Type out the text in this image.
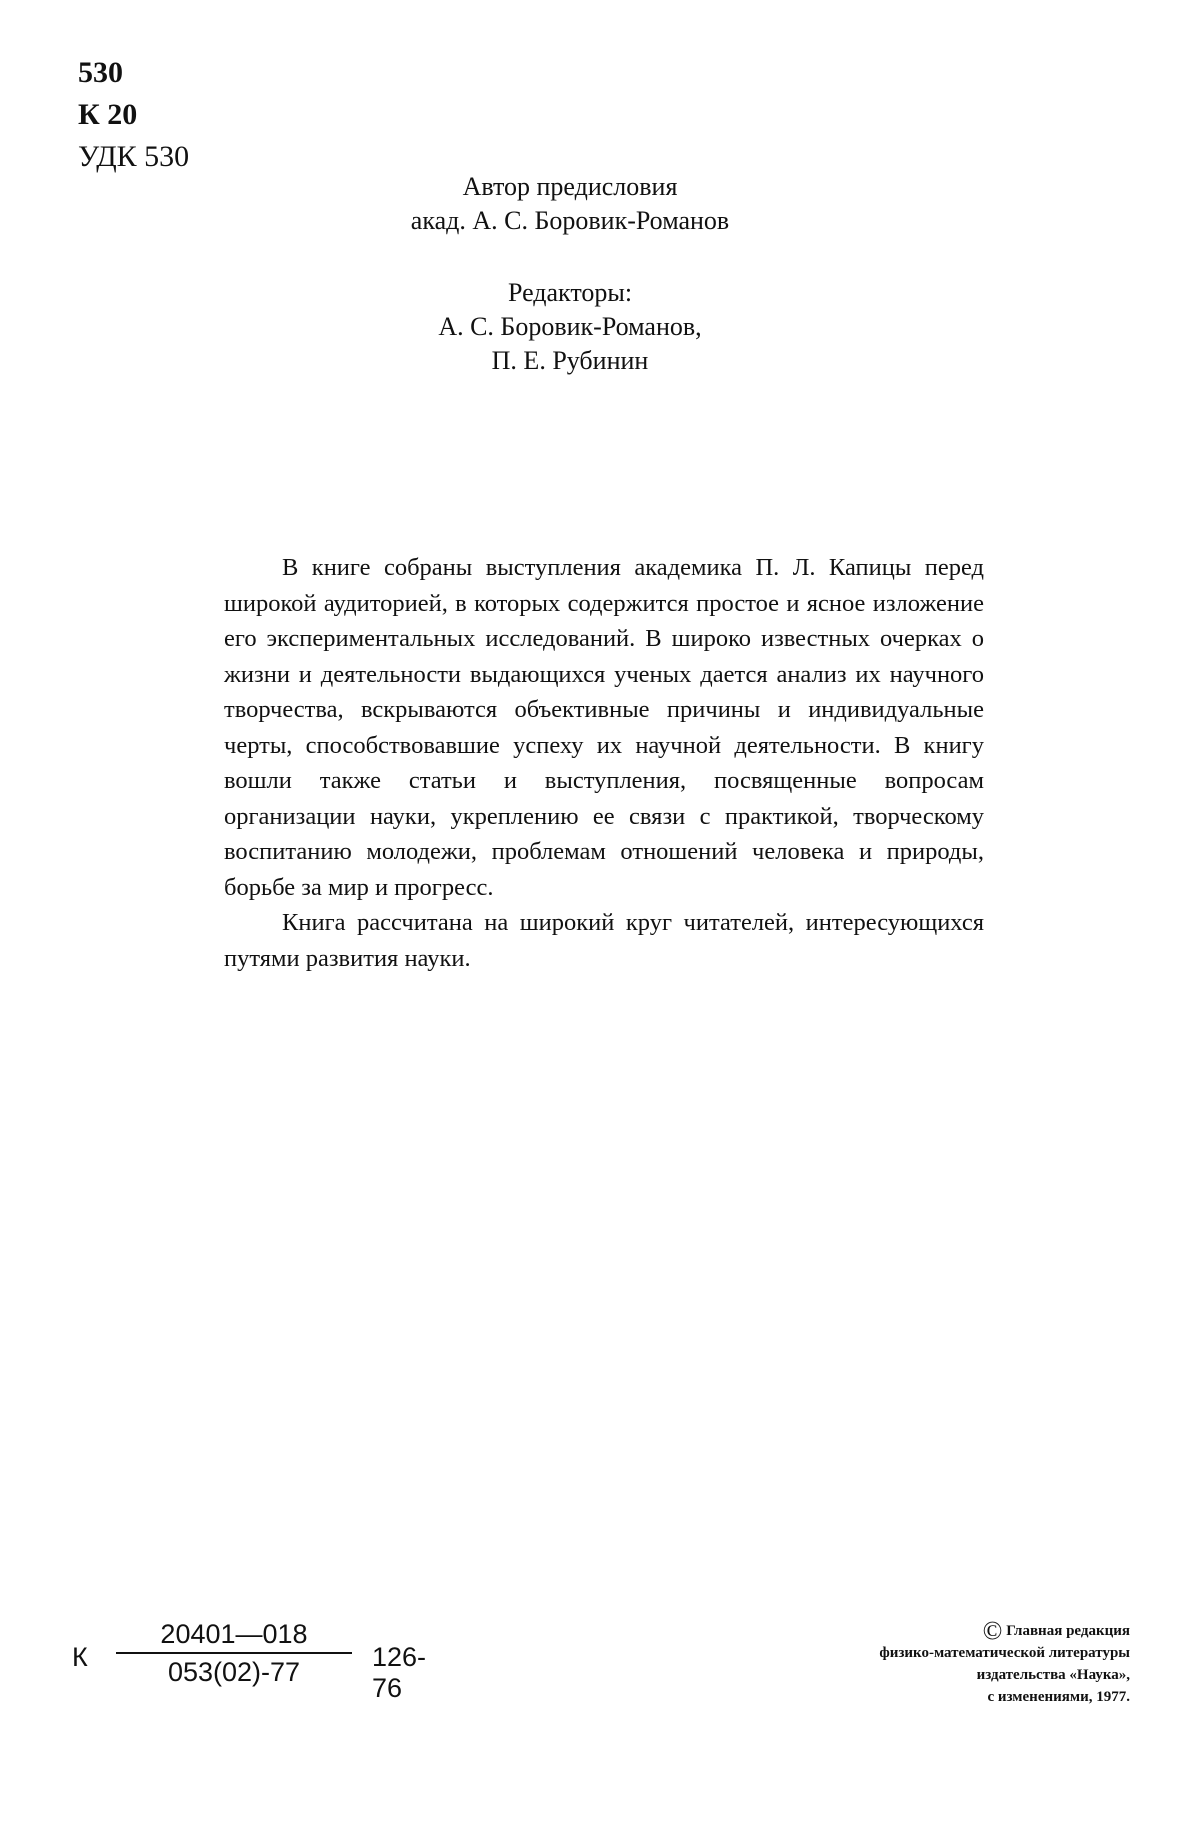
530
К 20
УДК 530
Автор предисловия
акад. А. С. Боровик-Романов
Редакторы:
А. С. Боровик-Романов,
П. Е. Рубинин

В книге собраны выступления академика П. Л. Капицы перед широкой аудиторией, в которых содержится простое и ясное изложение его экспериментальных исследований. В широко известных очерках о жизни и деятельности выдающихся ученых дается анализ их научного творчества, вскрываются объективные причины и индивидуальные черты, способствовавшие успеху их научной деятельности. В книгу вошли также статьи и выступления, посвященные вопросам организации науки, укреплению ее связи с практикой, творческому воспитанию молодежи, проблемам отношений человека и природы, борьбе за мир и прогресс.

Книга рассчитана на широкий круг читателей, интересующихся путями развития науки.

К $\frac{20401—018}{053(02)-77} 126-76$
© Главная редакция
физико-математической литературы
издательства «Наука»,
с изменениями, 1977.
